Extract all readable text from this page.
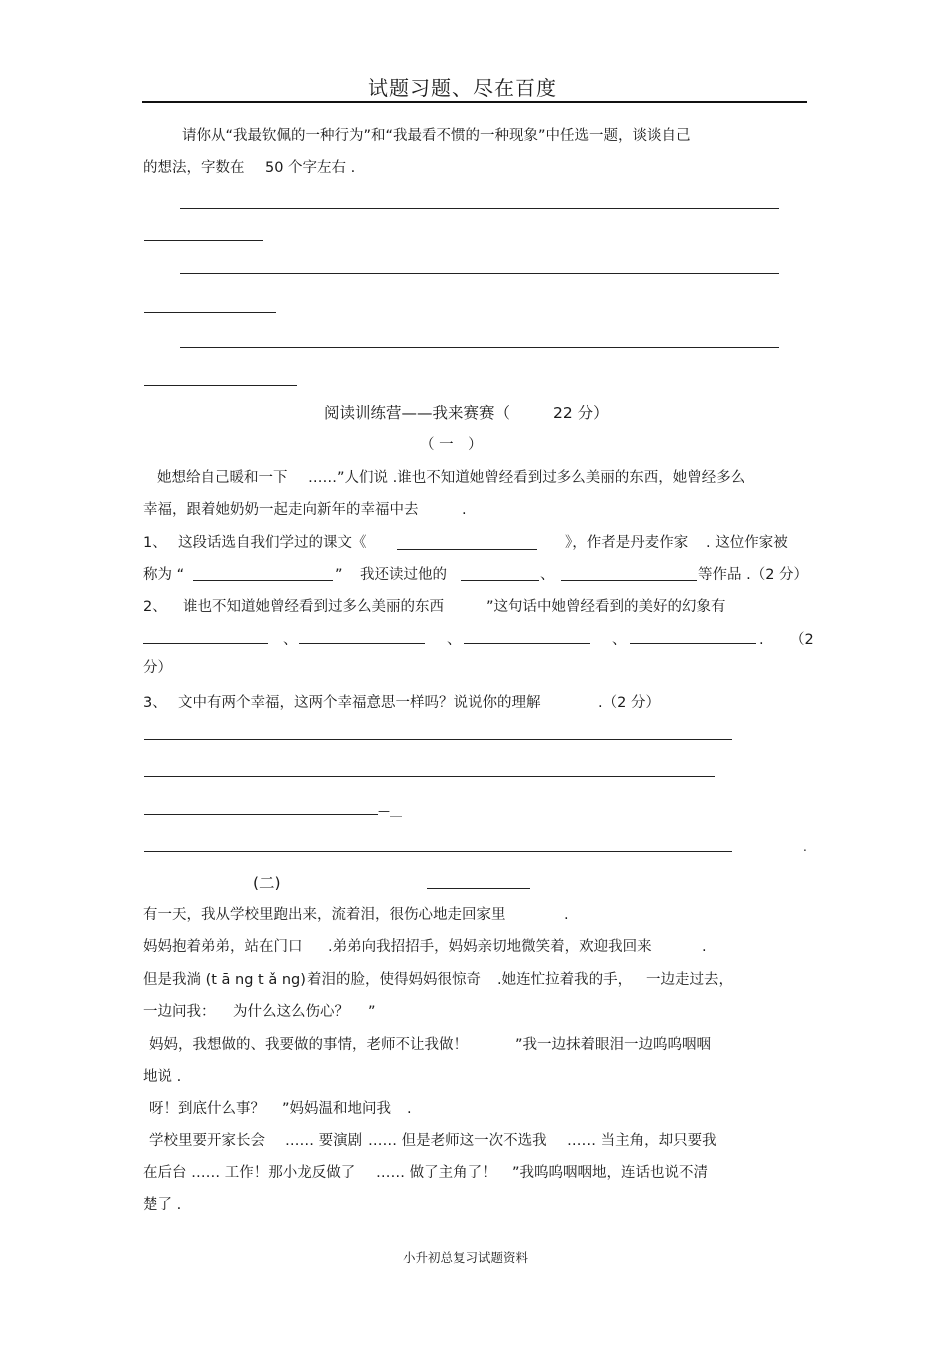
试题习题、尽在百度
请你从“我最钦佩的一种行为”和“我最看不惯的一种现象”中任选一题，谈谈自己
的想法，字数在 50 个字左右 .
阅读训练营——我来赛赛（	22 分）
（ 一　）
她想给自己暖和一下 ……”人们说 .谁也不知道她曾经看到过多么美丽的东西，她曾经多么
幸福，跟着她奶奶一起走向新年的幸福中去	.
1、 这段话选自我们学过的课文《	》，作者是丹麦作家 . 这位作家被
称为 “	” 我还读过他的	、	等作品 .（2 分）
2、 谁也不知道她曾经看到过多么美丽的东西	”这句话中她曾经看到的美好的幻象有
、	、	、	. （2
分）
3、 文中有两个幸福，这两个幸福意思一样吗？说说你的理解	.（2 分）
—＿
.
(二)
有一天，我从学校里跑出来，流着泪，很伤心地走回家里	.
妈妈抱着弟弟，站在门口 .弟弟向我招招手，妈妈亲切地微笑着，欢迎我回来	.
但是我淌 (t ā ng t ǎ ng) 着泪的脸，使得妈妈很惊奇 .她连忙拉着我的手， 一边走过去，
一边问我： 为什么这么伤心？ ”
妈妈，我想做的、我要做的事情，老师不让我做！	”我一边抹着眼泪一边呜呜咽咽
地说 .
呀！到底什么事？ ”妈妈温和地问我 .
学校里要开家长会 …… 要演剧 …… 但是老师这一次不选我 …… 当主角，却只要我
在后台 …… 工作！那小龙反做了 …… 做了主角了！ ”我呜呜咽咽地，连话也说不清
楚了 .
小升初总复习试题资料
